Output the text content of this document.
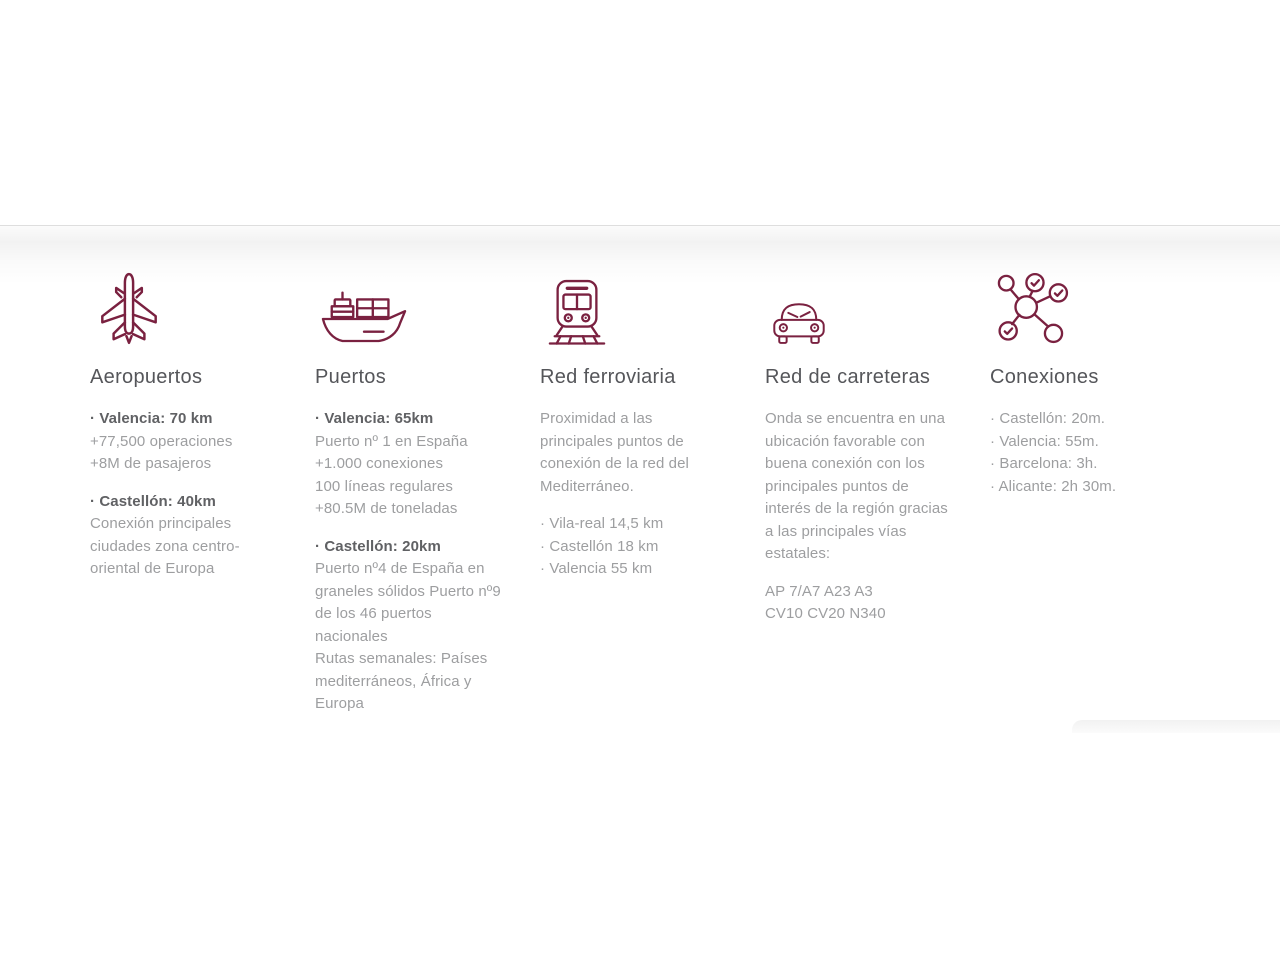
Aeropuertos

· Valencia: 70 km

+77,500 operaciones

+8M de pasajeros

· Castellón: 40km

Conexión principales ciudades zona centro-oriental de Europa

Puertos

· Valencia: 65km

Puerto nº 1 en España

+1.000 conexiones

100 líneas regulares

+80.5M de toneladas

· Castellón: 20km

Puerto nº4 de España en graneles sólidos Puerto nº9 de los 46 puertos nacionales

Rutas semanales: Países mediterráneos, África y Europa

Red ferroviaria

Proximidad a las principales puntos de conexión de la red del Mediterráneo.

· Vila-real 14,5 km

· Castellón 18 km

· Valencia 55 km

Red de carreteras

Onda se encuentra en una ubicación favorable con buena conexión con los principales puntos de interés de la región gracias a las principales vías estatales:

AP 7/A7 A23 A3

CV10 CV20 N340

Conexiones

· Castellón: 20m.

· Valencia: 55m.

· Barcelona: 3h.

· Alicante: 2h 30m.
